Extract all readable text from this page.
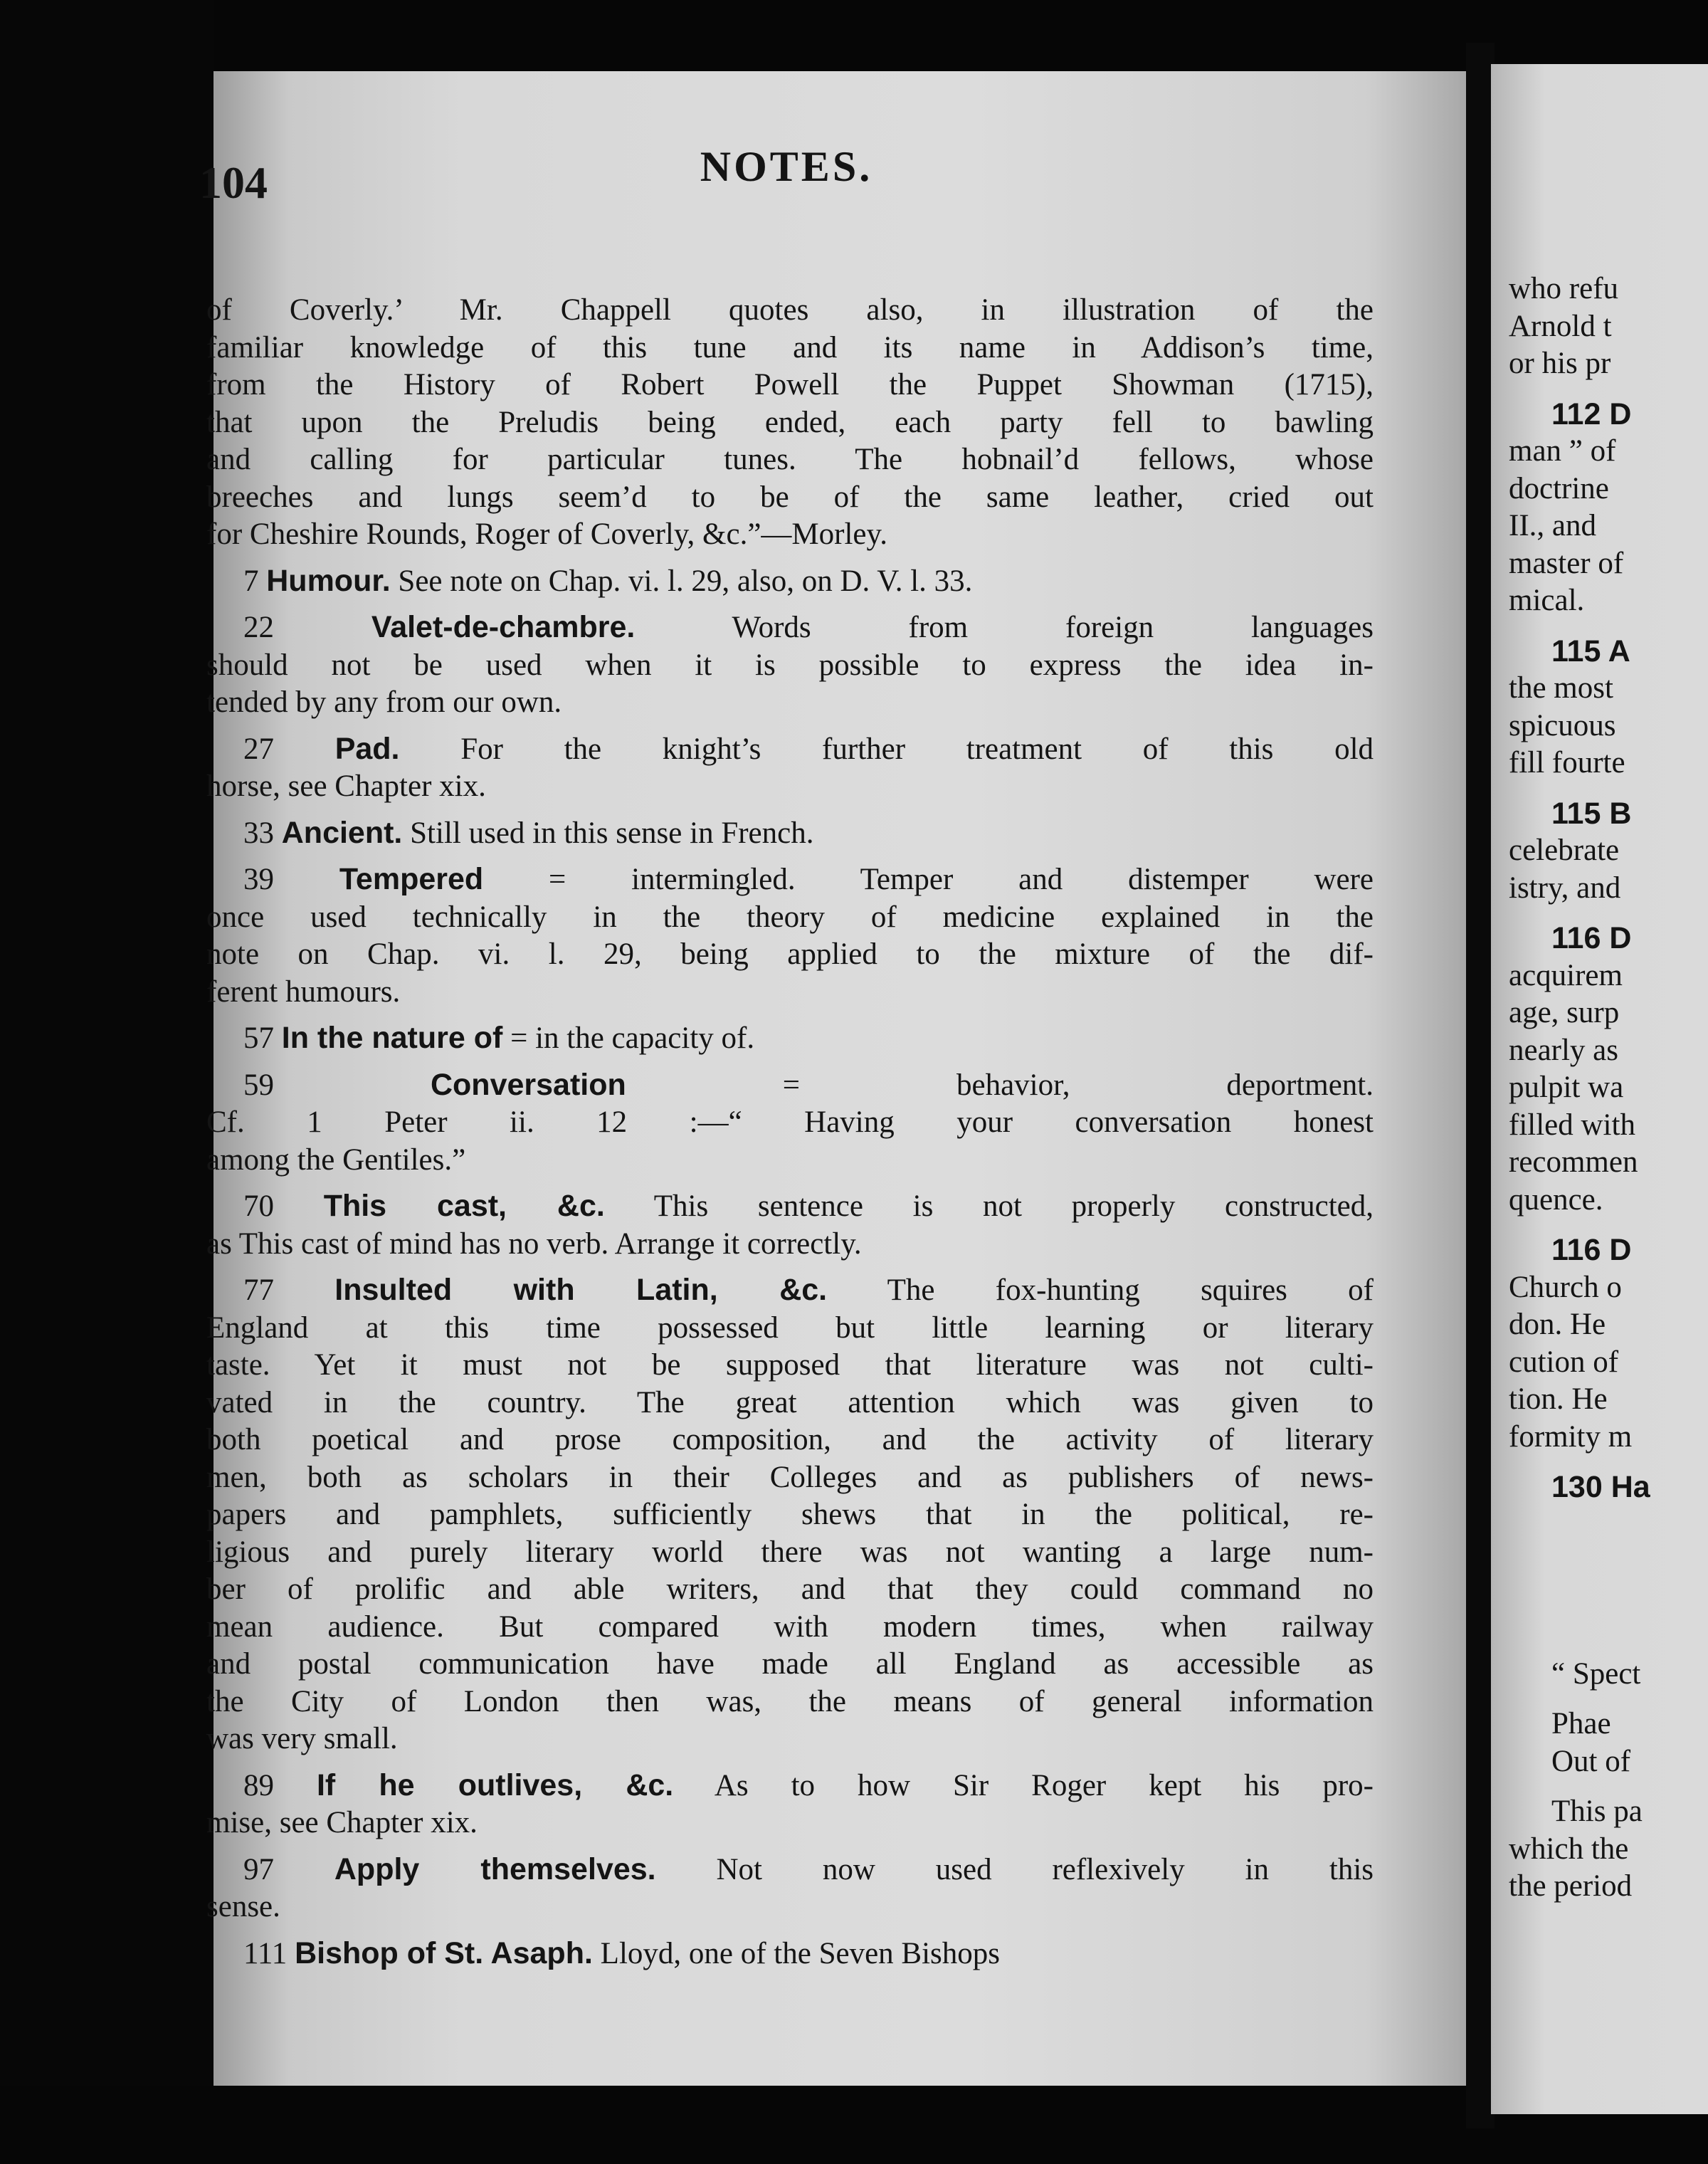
104	NOTES.

of Coverly.’ Mr. Chappell quotes also, in illustration of the
familiar knowledge of this tune and its name in Addison’s time,
from the History of Robert Powell the Puppet Showman (1715),
that upon the Preludis being ended, each party fell to bawling
and calling for particular tunes. The hobnail’d fellows, whose
breeches and lungs seem’d to be of the same leather, cried out
for Cheshire Rounds, Roger of Coverly, &c.”—Morley.

7 Humour. See note on Chap. vi. l. 29, also, on D. V. l. 33.

22 Valet-de-chambre.	Words from foreign languages
should not be used when it is possible to express the idea in-
tended by any from our own.

27 Pad. For the knight’s further treatment of this old
horse, see Chapter xix.

33 Ancient. Still used in this sense in French.

39 Tempered = intermingled. Temper and distemper were
once used technically in the theory of medicine explained in the
note on Chap. vi. l. 29, being applied to the mixture of the dif-
ferent humours.

57 In the nature of = in the capacity of.

59 Conversation	= behavior, deportment.
Cf. 1 Peter ii. 12 :—“ Having your conversation honest
among the Gentiles.”

70 This cast, &c. This sentence is not properly constructed,
as This cast of mind has no verb. Arrange it correctly.

77 Insulted with Latin, &c. The fox-hunting squires of
England at this time possessed but little learning or literary
taste. Yet it must not be supposed that literature was not culti-
vated in the country. The great attention which was given to
both poetical and prose composition, and the activity of literary
men, both as scholars in their Colleges and as publishers of news-
papers and pamphlets, sufficiently shews that in the political, re-
ligious and purely literary world there was not wanting a large num-
ber of prolific and able writers, and that they could command no
mean audience. But compared with modern times, when railway
and postal communication have made all England as accessible as
the City of London then was, the means of general information
was very small.

89 If he outlives, &c. As to how Sir Roger kept his pro-
mise, see Chapter xix.

97 Apply themselves. Not now used reflexively in this
sense.

111 Bishop of St. Asaph. Lloyd, one of the Seven Bishops

who refu
Arnold t
or his pr
112 D
man ” of
doctrine
II., and
master of
mical.
115 A
the most
spicuous
fill fourte
115 B
celebrate
istry, and
116 D
acquirem
age, surp
nearly as
pulpit wa
filled with
recommen
quence.
116 D
Church o
don. He
cution of
tion. He
formity m
130 Ha
“ Spect
Phae
Out of
This pa
which the
the period
